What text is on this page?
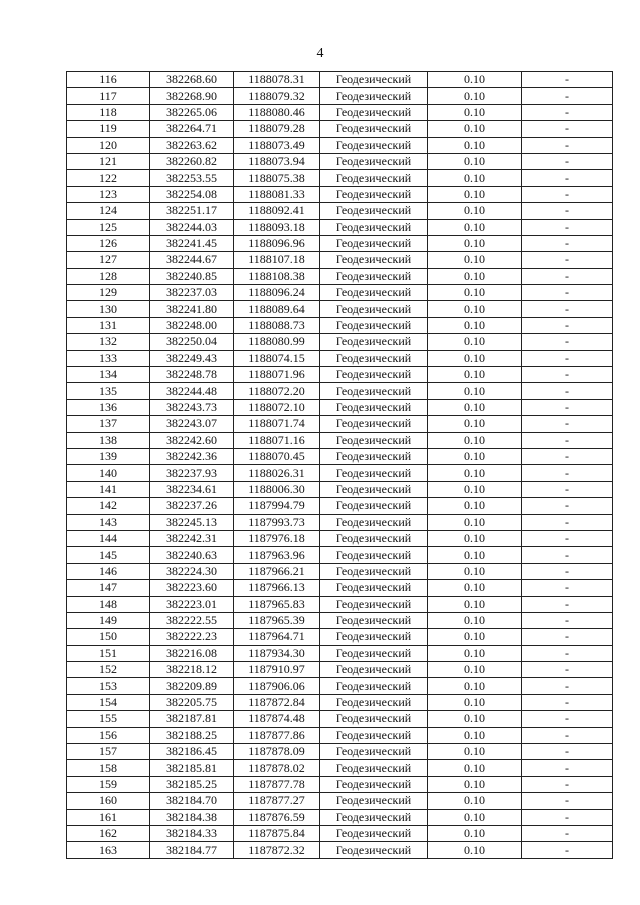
4
116	382268.60	1188078.31	Геодезический	0.10	-
117	382268.90	1188079.32	Геодезический	0.10	-
118	382265.06	1188080.46	Геодезический	0.10	-
119	382264.71	1188079.28	Геодезический	0.10	-
120	382263.62	1188073.49	Геодезический	0.10	-
121	382260.82	1188073.94	Геодезический	0.10	-
122	382253.55	1188075.38	Геодезический	0.10	-
123	382254.08	1188081.33	Геодезический	0.10	-
124	382251.17	1188092.41	Геодезический	0.10	-
125	382244.03	1188093.18	Геодезический	0.10	-
126	382241.45	1188096.96	Геодезический	0.10	-
127	382244.67	1188107.18	Геодезический	0.10	-
128	382240.85	1188108.38	Геодезический	0.10	-
129	382237.03	1188096.24	Геодезический	0.10	-
130	382241.80	1188089.64	Геодезический	0.10	-
131	382248.00	1188088.73	Геодезический	0.10	-
132	382250.04	1188080.99	Геодезический	0.10	-
133	382249.43	1188074.15	Геодезический	0.10	-
134	382248.78	1188071.96	Геодезический	0.10	-
135	382244.48	1188072.20	Геодезический	0.10	-
136	382243.73	1188072.10	Геодезический	0.10	-
137	382243.07	1188071.74	Геодезический	0.10	-
138	382242.60	1188071.16	Геодезический	0.10	-
139	382242.36	1188070.45	Геодезический	0.10	-
140	382237.93	1188026.31	Геодезический	0.10	-
141	382234.61	1188006.30	Геодезический	0.10	-
142	382237.26	1187994.79	Геодезический	0.10	-
143	382245.13	1187993.73	Геодезический	0.10	-
144	382242.31	1187976.18	Геодезический	0.10	-
145	382240.63	1187963.96	Геодезический	0.10	-
146	382224.30	1187966.21	Геодезический	0.10	-
147	382223.60	1187966.13	Геодезический	0.10	-
148	382223.01	1187965.83	Геодезический	0.10	-
149	382222.55	1187965.39	Геодезический	0.10	-
150	382222.23	1187964.71	Геодезический	0.10	-
151	382216.08	1187934.30	Геодезический	0.10	-
152	382218.12	1187910.97	Геодезический	0.10	-
153	382209.89	1187906.06	Геодезический	0.10	-
154	382205.75	1187872.84	Геодезический	0.10	-
155	382187.81	1187874.48	Геодезический	0.10	-
156	382188.25	1187877.86	Геодезический	0.10	-
157	382186.45	1187878.09	Геодезический	0.10	-
158	382185.81	1187878.02	Геодезический	0.10	-
159	382185.25	1187877.78	Геодезический	0.10	-
160	382184.70	1187877.27	Геодезический	0.10	-
161	382184.38	1187876.59	Геодезический	0.10	-
162	382184.33	1187875.84	Геодезический	0.10	-
163	382184.77	1187872.32	Геодезический	0.10	-
